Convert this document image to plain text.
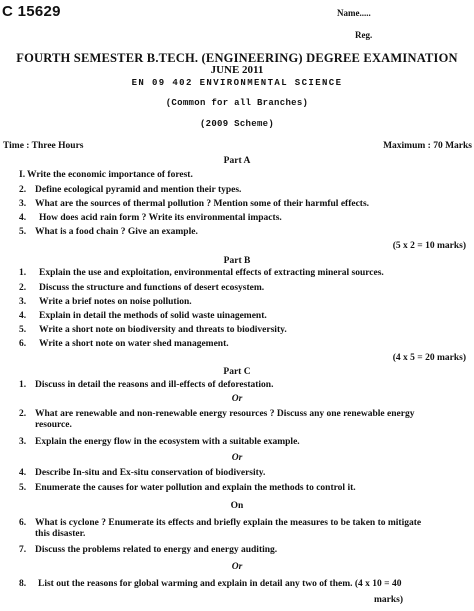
C 15629	Name.....
Reg.
FOURTH SEMESTER B.TECH. (ENGINEERING) DEGREE EXAMINATION
JUNE 2011
EN 09 402 ENVIRONMENTAL SCIENCE
(Common for all Branches)
(2009 Scheme)
Time : Three Hours	Maximum : 70 Marks
Part A
I. Write the economic importance of forest.
2. Define ecological pyramid and mention their types.
3. What are the sources of thermal pollution ? Mention some of their harmful effects.
4. How does acid rain form ? Write its environmental impacts.
5. What is a food chain ? Give an example.
(5 x 2 = 10 marks)
Part B
1. Explain the use and exploitation, environmental effects of extracting mineral sources.
2. Discuss the structure and functions of desert ecosystem.
3. Write a brief notes on noise pollution.
4. Explain in detail the methods of solid waste uinagement.
5. Write a short note on biodiversity and threats to biodiversity.
6. Write a short note on water shed management.
(4 x 5 = 20 marks)
Part C
1. Discuss in detail the reasons and ill-effects of deforestation.
Or
2. What are renewable and non-renewable energy resources ? Discuss any one renewable energy
resource.
3. Explain the energy flow in the ecosystem with a suitable example.
Or
4. Describe In-situ and Ex-situ conservation of biodiversity.
5. Enumerate the causes for water pollution and explain the methods to control it.
On
6. What is cyclone ? Enumerate its effects and briefly explain the measures to be taken to mitigate
this disaster.
7. Discuss the problems related to energy and energy auditing.
Or
8. List out the reasons for global warming and explain in detail any two of them. (4 x 10 = 40
marks)
